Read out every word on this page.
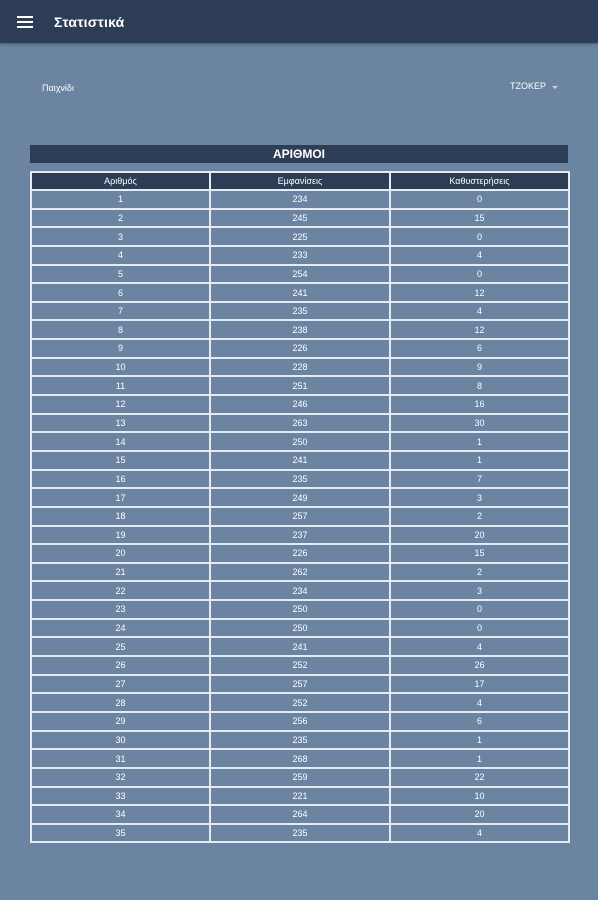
Στατιστικά
Παιχνίδι	ΤΖΟΚΕΡ
ΑΡΙΘΜΟΙ
Αριθμός	Εμφανίσεις	Καθυστερήσεις
1	234	0
2	245	15
3	225	0
4	233	4
5	254	0
6	241	12
7	235	4
8	238	12
9	226	6
10	228	9
11	251	8
12	246	16
13	263	30
14	250	1
15	241	1
16	235	7
17	249	3
18	257	2
19	237	20
20	226	15
21	262	2
22	234	3
23	250	0
24	250	0
25	241	4
26	252	26
27	257	17
28	252	4
29	256	6
30	235	1
31	268	1
32	259	22
33	221	10
34	264	20
35	235	4
